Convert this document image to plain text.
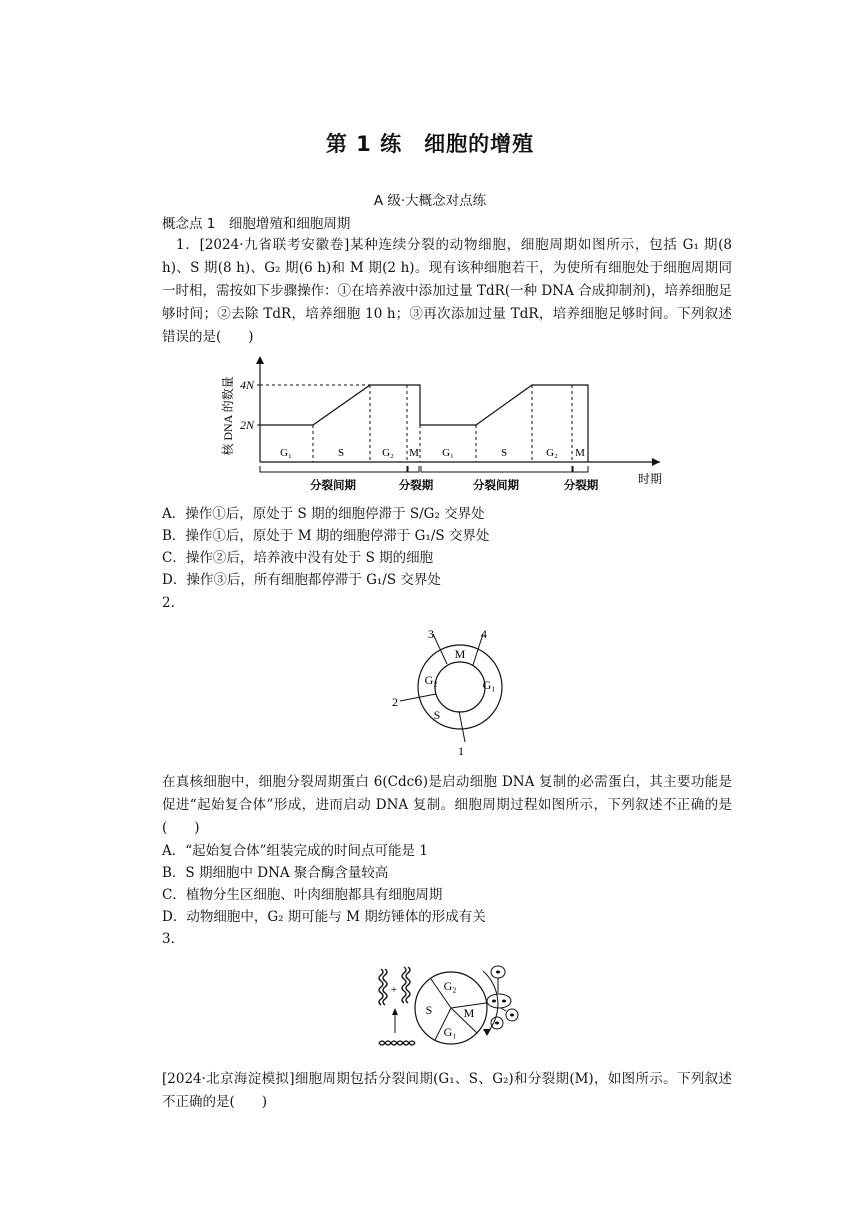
第 1 练　细胞的增殖
A 级·大概念对点练
概念点 1　细胞增殖和细胞周期

1．[2024·九省联考安徽卷]某种连续分裂的动物细胞，细胞周期如图所示，包括 G₁ 期(8 h)、S 期(8 h)、G₂ 期(6 h)和 M 期(2 h)。现有该种细胞若干，为使所有细胞处于细胞周期同一时相，需按如下步骤操作：①在培养液中添加过量 TdR(一种 DNA 合成抑制剂)，培养细胞足够时间；②去除 TdR，培养细胞 10 h；③再次添加过量 TdR，培养细胞足够时间。下列叙述错误的是(　　)

核 DNA 的数量 4N
2N
G₁	S	G₂ M G₁	S	G₂ M
分裂间期	分裂期	分裂间期	分裂期	时期
A．操作①后，原处于 S 期的细胞停滞于 S/G₂ 交界处
B．操作①后，原处于 M 期的细胞停滞于 G₁/S 交界处
C．操作②后，培养液中没有处于 S 期的细胞
D．操作③后，所有细胞都停滞于 G₁/S 交界处
2.
3	4
2
1
M
G₂	G₁
S

在真核细胞中，细胞分裂周期蛋白 6(Cdc6)是启动细胞 DNA 复制的必需蛋白，其主要功能是促进“起始复合体”形成，进而启动 DNA 复制。细胞周期过程如图所示，下列叙述不正确的是(　　)

A．“起始复合体”组装完成的时间点可能是 1
B．S 期细胞中 DNA 聚合酶含量较高
C．植物分生区细胞、叶肉细胞都具有细胞周期
D．动物细胞中，G₂ 期可能与 M 期纺锤体的形成有关
3.
+	G₂
S	M
G₁

[2024·北京海淀模拟]细胞周期包括分裂间期(G₁、S、G₂)和分裂期(M)，如图所示。下列叙述不正确的是(　　)
